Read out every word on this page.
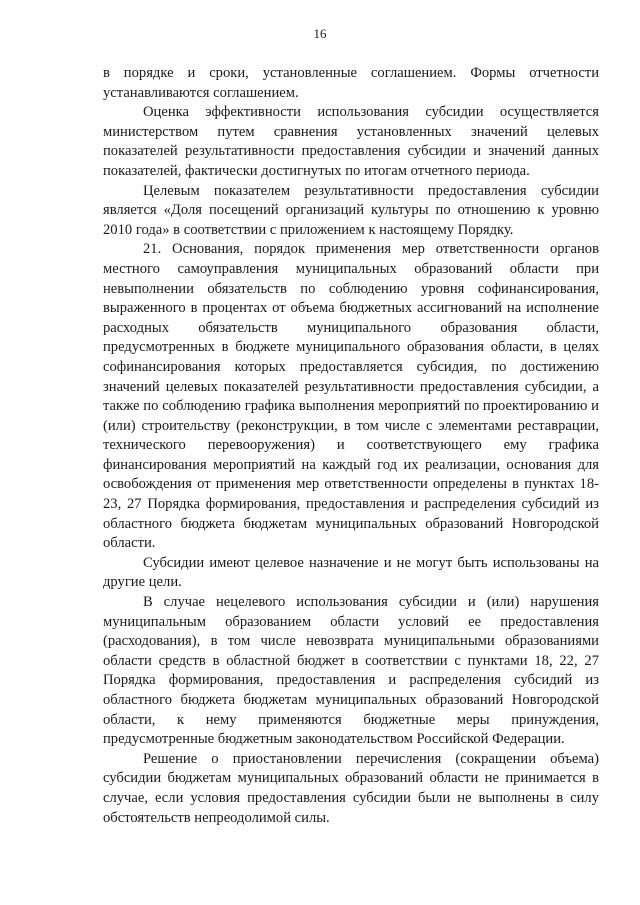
16

в порядке и сроки, установленные соглашением. Формы отчетности устанавливаются соглашением.

Оценка эффективности использования субсидии осуществляется министерством путем сравнения установленных значений целевых показателей результативности предоставления субсидии и значений данных показателей, фактически достигнутых по итогам отчетного периода.

Целевым показателем результативности предоставления субсидии является «Доля посещений организаций культуры по отношению к уровню 2010 года» в соответствии с приложением к настоящему Порядку.

21. Основания, порядок применения мер ответственности органов местного самоуправления муниципальных образований области при невыполнении обязательств по соблюдению уровня софинансирования, выраженного в процентах от объема бюджетных ассигнований на исполнение расходных обязательств муниципального образования области, предусмотренных в бюджете муниципального образования области, в целях софинансирования которых предоставляется субсидия, по достижению значений целевых показателей результативности предоставления субсидии, а также по соблюдению графика выполнения мероприятий по проектированию и (или) строительству (реконструкции, в том числе с элементами реставрации, технического перевооружения) и соответствующего ему графика финансирования мероприятий на каждый год их реализации, основания для освобождения от применения мер ответственности определены в пунктах 18-23, 27 Порядка формирования, предоставления и распределения субсидий из областного бюджета бюджетам муниципальных образований Новгородской области.

Субсидии имеют целевое назначение и не могут быть использованы на другие цели.

В случае нецелевого использования субсидии и (или) нарушения муниципальным образованием области условий ее предоставления (расходования), в том числе невозврата муниципальными образованиями области средств в областной бюджет в соответствии с пунктами 18, 22, 27 Порядка формирования, предоставления и распределения субсидий из областного бюджета бюджетам муниципальных образований Новгородской области, к нему применяются бюджетные меры принуждения, предусмотренные бюджетным законодательством Российской Федерации.

Решение о приостановлении перечисления (сокращении объема) субсидии бюджетам муниципальных образований области не принимается в случае, если условия предоставления субсидии были не выполнены в силу обстоятельств непреодолимой силы.
